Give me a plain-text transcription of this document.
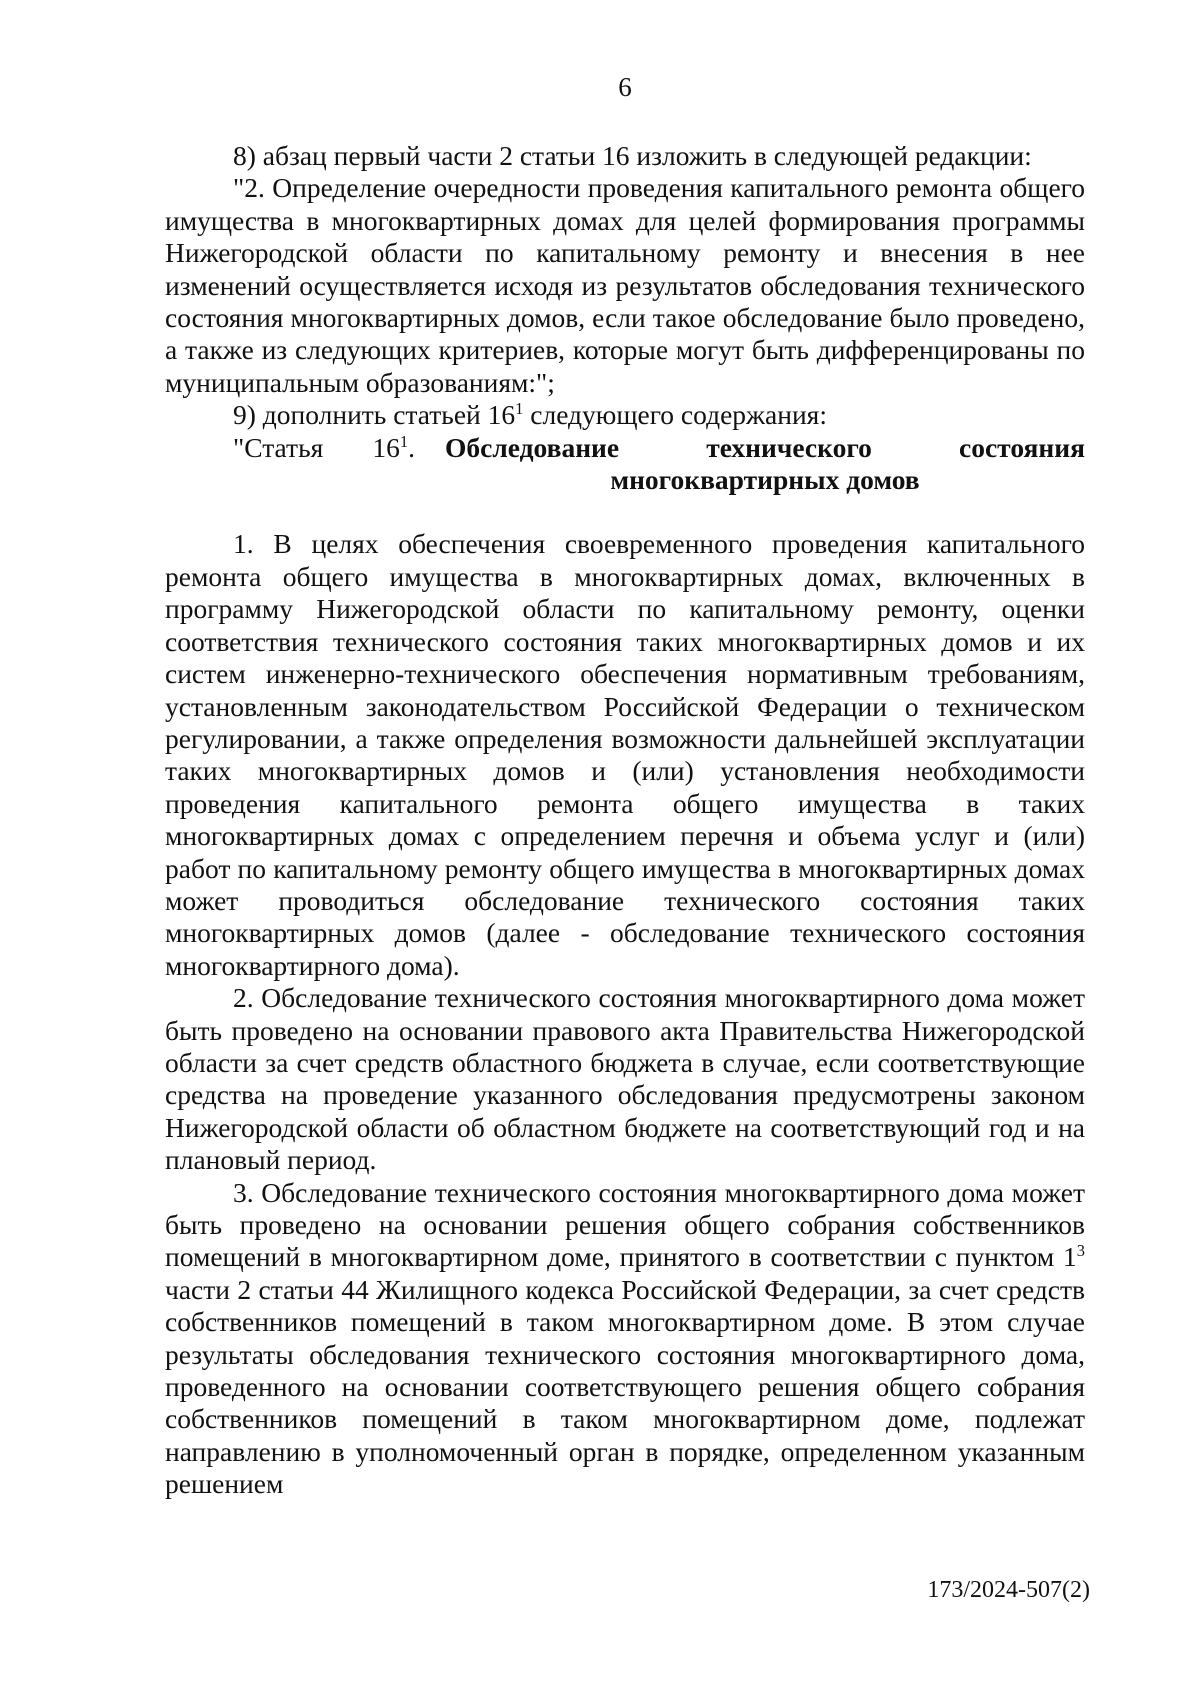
6

8) абзац первый части 2 статьи 16 изложить в следующей редакции:

"2. Определение очередности проведения капитального ремонта общего имущества в многоквартирных домах для целей формирования программы Нижегородской области по капитальному ремонту и внесения в нее изменений осуществляется исходя из результатов обследования технического состояния многоквартирных домов, если такое обследование было проведено, а также из следующих критериев, которые могут быть дифференцированы по муниципальным образованиям:";

9) дополнить статьей $16^1$ следующего содержания:

"Статья $16^1$. Обследование технического состояния
многоквартирных домов

1. В целях обеспечения своевременного проведения капитального ремонта общего имущества в многоквартирных домах, включенных в программу Нижегородской области по капитальному ремонту, оценки соответствия технического состояния таких многоквартирных домов и их систем инженерно-технического обеспечения нормативным требованиям, установленным законодательством Российской Федерации о техническом регулировании, а также определения возможности дальнейшей эксплуатации таких многоквартирных домов и (или) установления необходимости проведения капитального ремонта общего имущества в таких многоквартирных домах с определением перечня и объема услуг и (или) работ по капитальному ремонту общего имущества в многоквартирных домах может проводиться обследование технического состояния таких многоквартирных домов (далее - обследование технического состояния многоквартирного дома).

2. Обследование технического состояния многоквартирного дома может быть проведено на основании правового акта Правительства Нижегородской области за счет средств областного бюджета в случае, если соответствующие средства на проведение указанного обследования предусмотрены законом Нижегородской области об областном бюджете на соответствующий год и на плановый период.

3. Обследование технического состояния многоквартирного дома может быть проведено на основании решения общего собрания собственников помещений в многоквартирном доме, принятого в соответствии с пунктом $1^3$ части 2 статьи 44 Жилищного кодекса Российской Федерации, за счет средств собственников помещений в таком многоквартирном доме. В этом случае результаты обследования технического состояния многоквартирного дома, проведенного на основании соответствующего решения общего собрания собственников помещений в таком многоквартирном доме, подлежат направлению в уполномоченный орган в порядке, определенном указанным решением

173/2024-507(2)
